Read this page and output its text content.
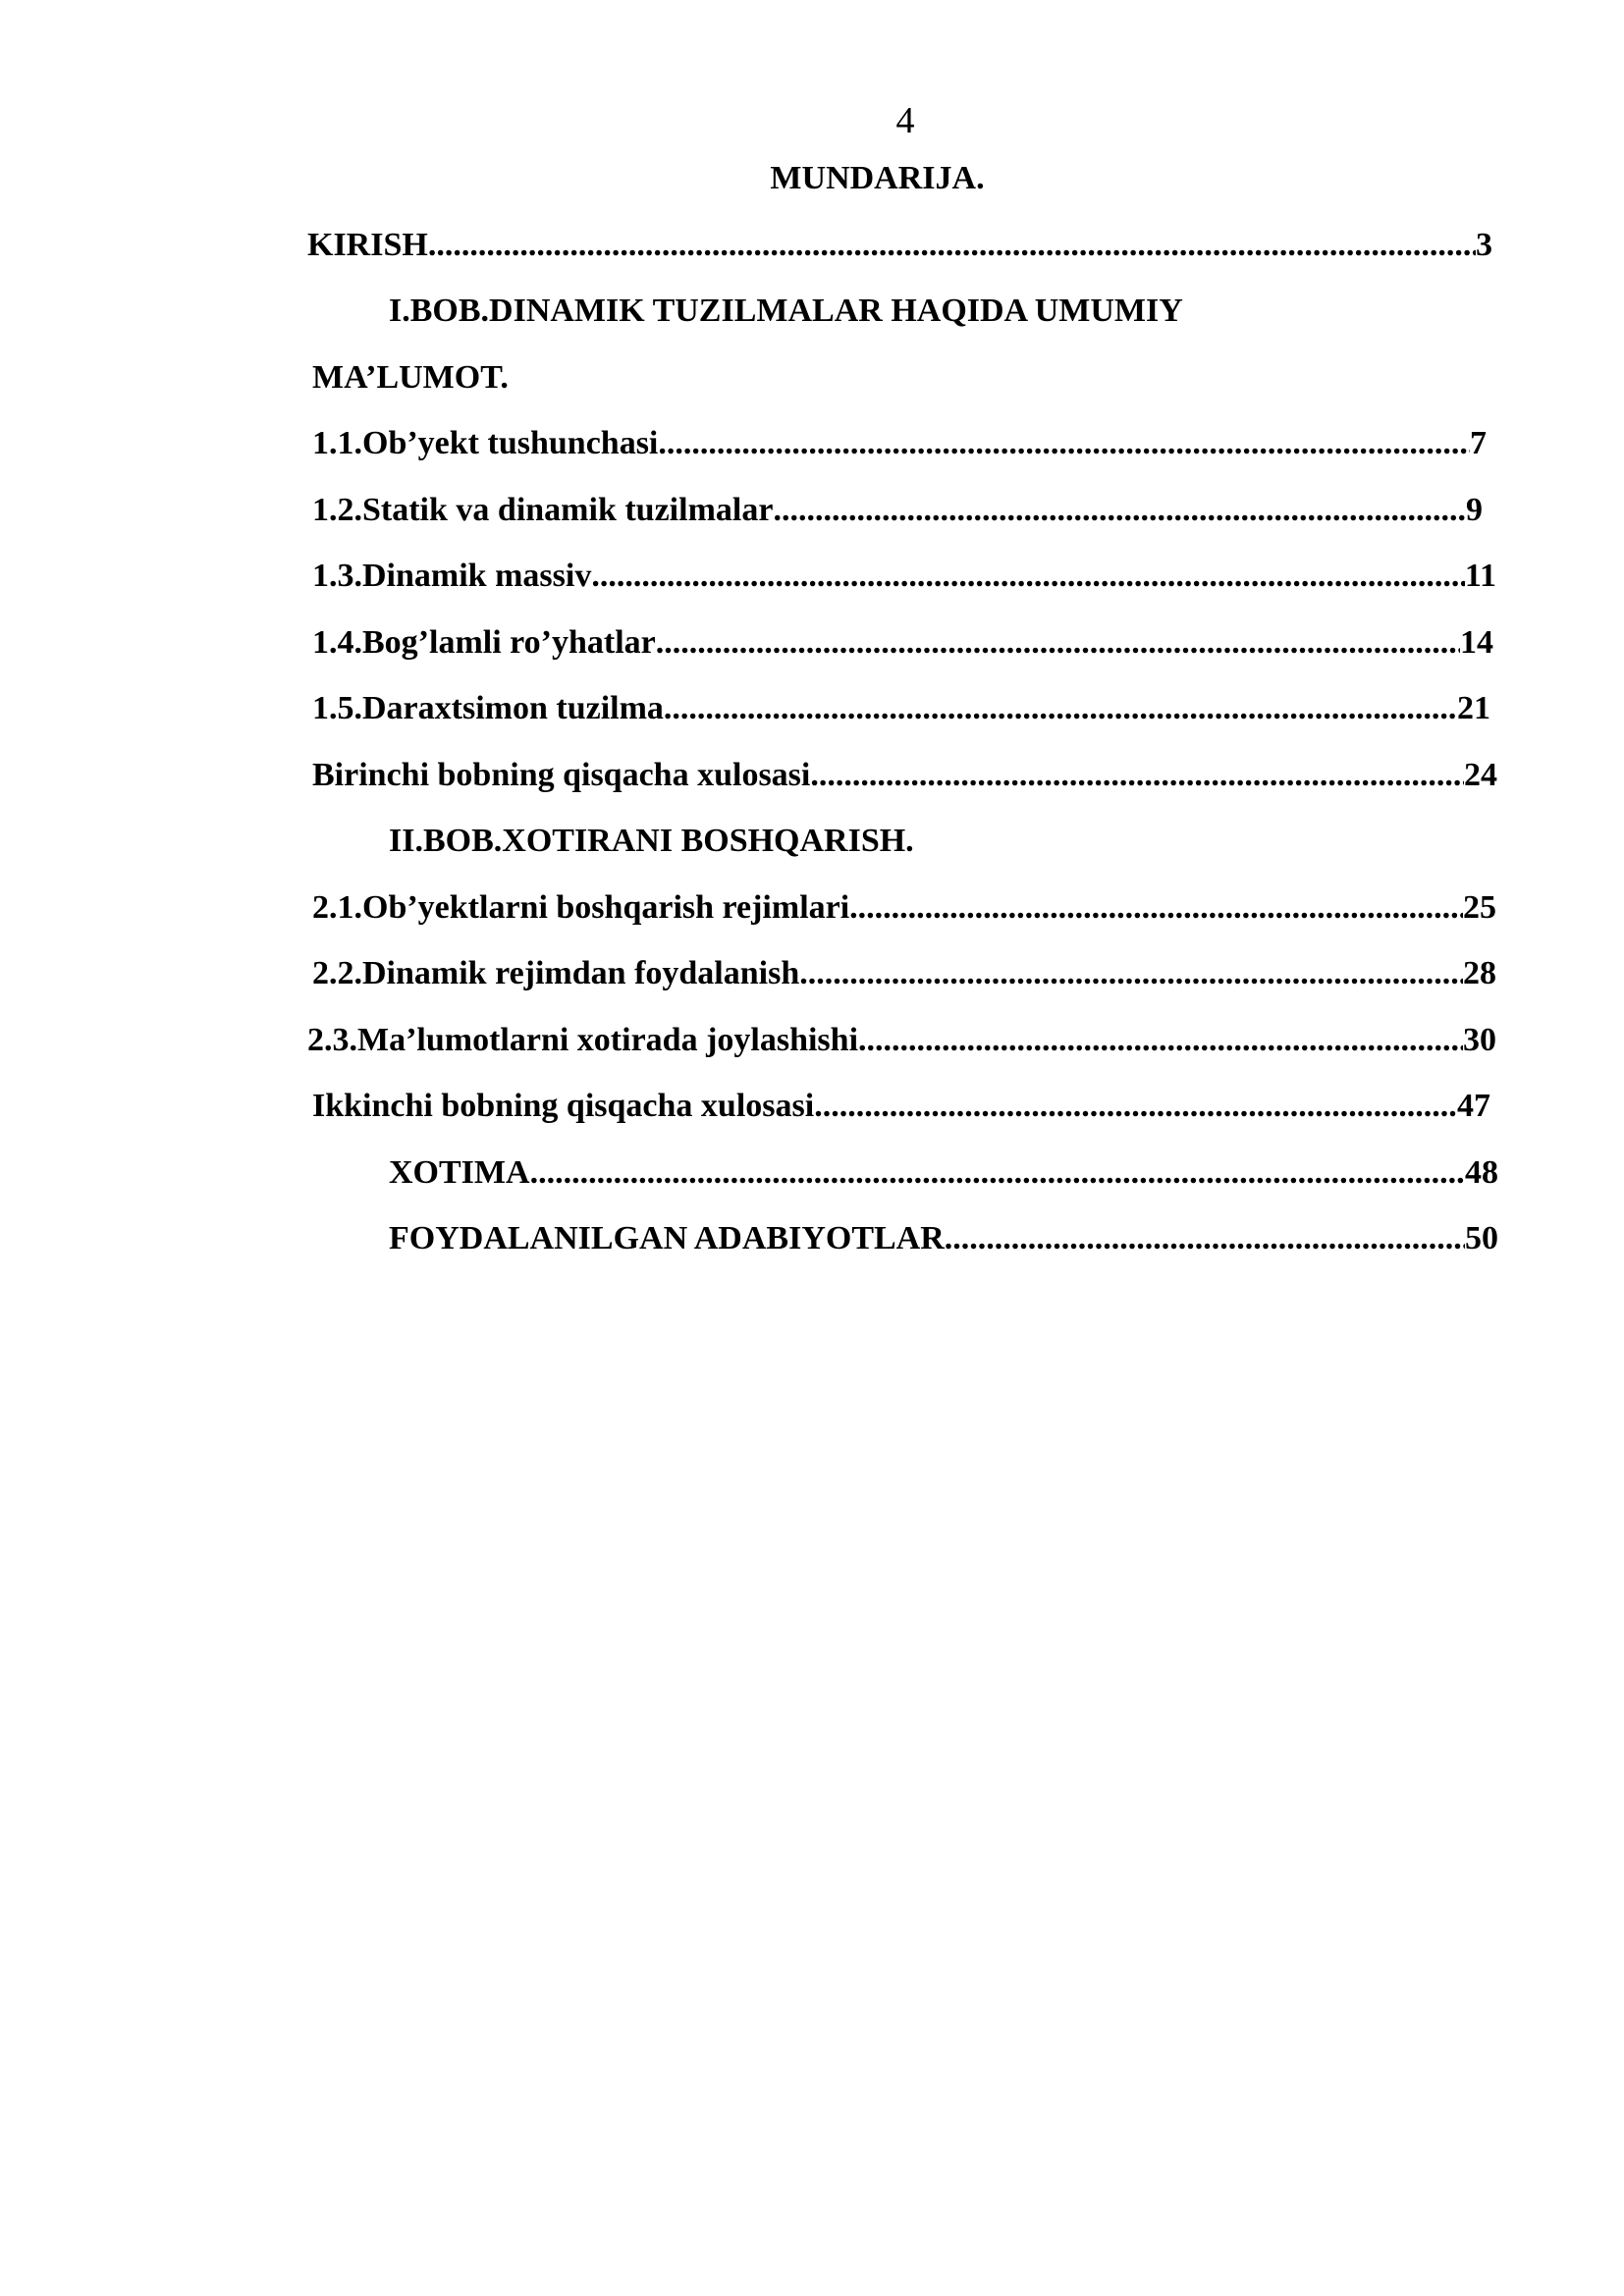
4
MUNDARIJA.
KIRISH .....	3
I.BOB.DINAMIK TUZILMALAR HAQIDA UMUMIY
MA’LUMOT.
1.1.Ob’yekt tushunchasi .....	7
1.2.Statik va dinamik tuzilmalar .....	9
1.3.Dinamik massiv .....	11
1.4.Bog’lamli ro’yhatlar .....	14
1.5.Daraxtsimon tuzilma .....	21
Birinchi bobning qisqacha xulosasi .....	24
II.BOB.XOTIRANI BOSHQARISH.
2.1.Ob’yektlarni boshqarish rejimlari .....	25
2.2.Dinamik rejimdan foydalanish .....	28
2.3.Ma’lumotlarni xotirada joylashishi .....	30
Ikkinchi bobning qisqacha xulosasi .....	47
XOTIMA .....	48
FOYDALANILGAN ADABIYOTLAR .....	50
